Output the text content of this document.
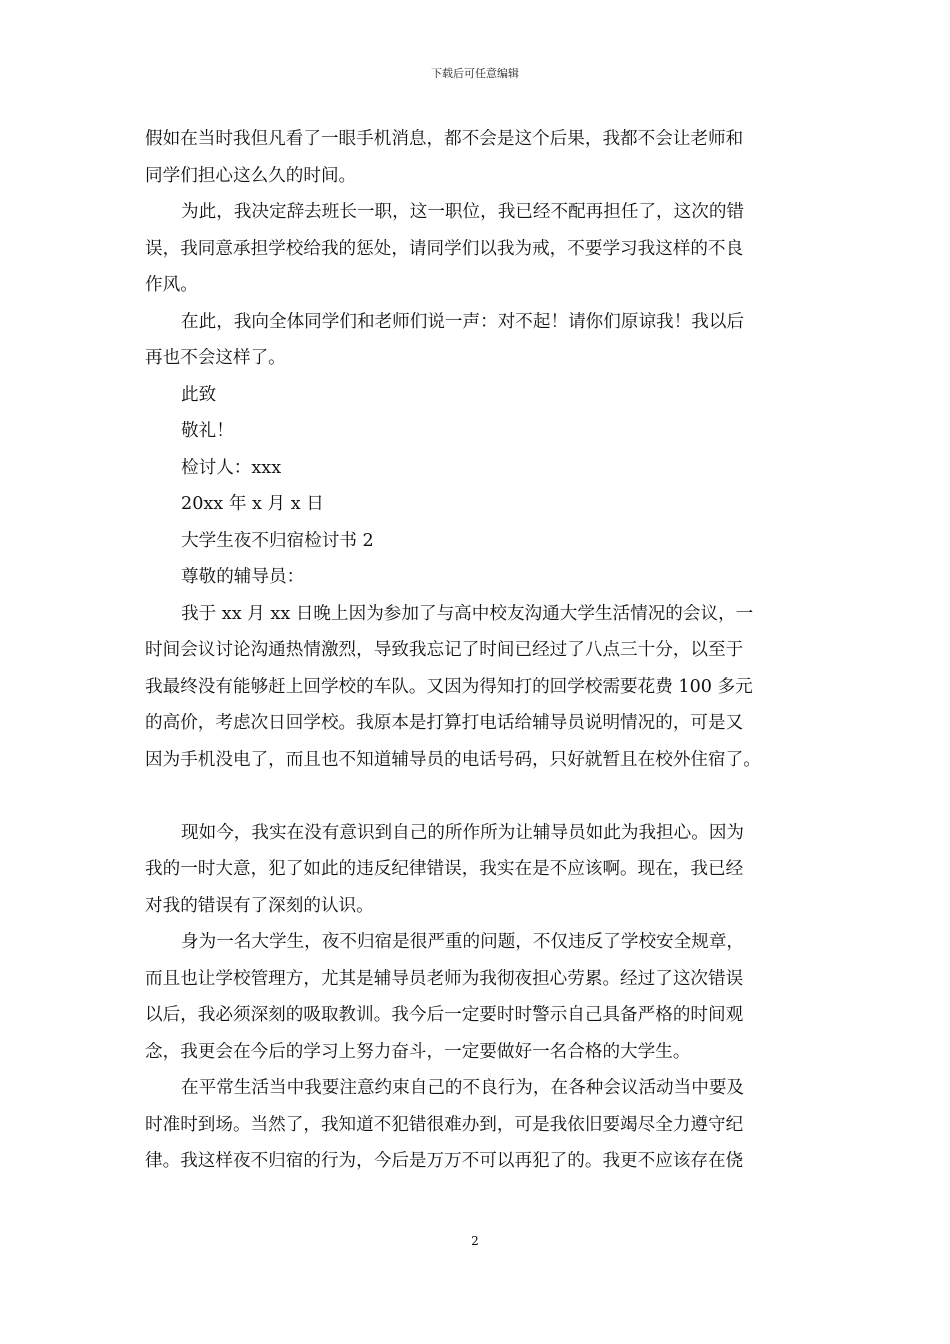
下载后可任意编辑
假如在当时我但凡看了一眼手机消息，都不会是这个后果，我都不会让老师和
同学们担心这么久的时间。
为此，我决定辞去班长一职，这一职位，我已经不配再担任了，这次的错
误，我同意承担学校给我的惩处，请同学们以我为戒，不要学习我这样的不良
作风。
在此，我向全体同学们和老师们说一声：对不起！请你们原谅我！我以后
再也不会这样了。
此致
敬礼！
检讨人：xxx
20xx 年 x 月 x 日
大学生夜不归宿检讨书 2
尊敬的辅导员：
我于 xx 月 xx 日晚上因为参加了与高中校友沟通大学生活情况的会议，一
时间会议讨论沟通热情激烈，导致我忘记了时间已经过了八点三十分，以至于
我最终没有能够赶上回学校的车队。又因为得知打的回学校需要花费 100 多元
的高价，考虑次日回学校。我原本是打算打电话给辅导员说明情况的，可是又
因为手机没电了，而且也不知道辅导员的电话号码，只好就暂且在校外住宿了。
现如今，我实在没有意识到自己的所作所为让辅导员如此为我担心。因为
我的一时大意，犯了如此的违反纪律错误，我实在是不应该啊。现在，我已经
对我的错误有了深刻的认识。
身为一名大学生，夜不归宿是很严重的问题，不仅违反了学校安全规章，
而且也让学校管理方，尤其是辅导员老师为我彻夜担心劳累。经过了这次错误
以后，我必须深刻的吸取教训。我今后一定要时时警示自己具备严格的时间观
念，我更会在今后的学习上努力奋斗，一定要做好一名合格的大学生。
在平常生活当中我要注意约束自己的不良行为，在各种会议活动当中要及
时准时到场。当然了，我知道不犯错很难办到，可是我依旧要竭尽全力遵守纪
律。我这样夜不归宿的行为，今后是万万不可以再犯了的。我更不应该存在侥
2
